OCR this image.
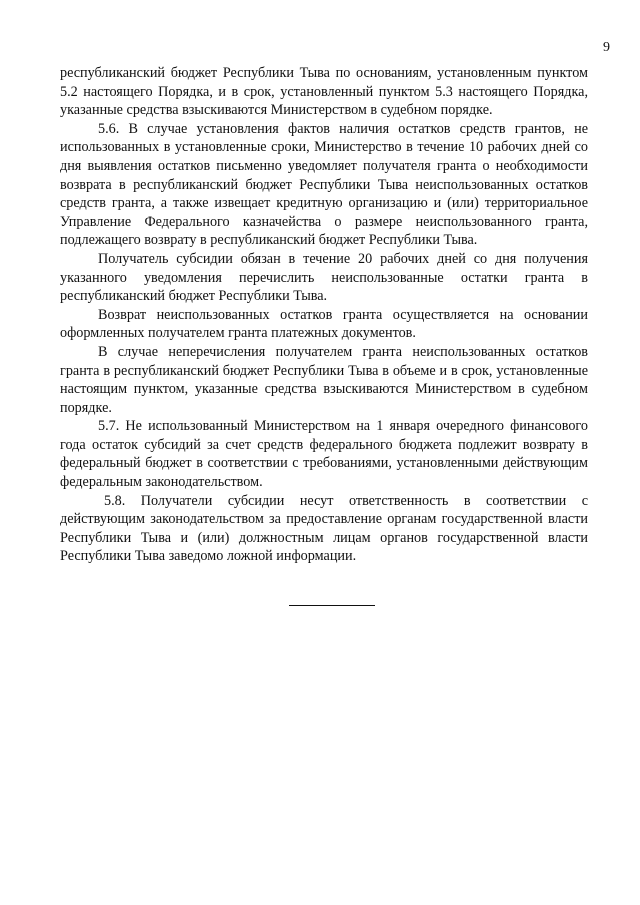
9

республиканский бюджет Республики Тыва по основаниям, установленным пунктом 5.2 настоящего Порядка, и в срок, установленный пунктом 5.3 настоящего Порядка, указанные средства взыскиваются Министерством в судебном порядке.

5.6. В случае установления фактов наличия остатков средств грантов, не использованных в установленные сроки, Министерство в течение 10 рабочих дней со дня выявления остатков письменно уведомляет получателя гранта о необходимости возврата в республиканский бюджет Республики Тыва неиспользованных остатков средств гранта, а также извещает кредитную организацию и (или) территориальное Управление Федерального казначейства о размере неиспользованного гранта, подлежащего возврату в республиканский бюджет Республики Тыва.

Получатель субсидии обязан в течение 20 рабочих дней со дня получения указанного уведомления перечислить неиспользованные остатки гранта в республиканский бюджет Республики Тыва.

Возврат неиспользованных остатков гранта осуществляется на основании оформленных получателем гранта платежных документов.

В случае неперечисления получателем гранта неиспользованных остатков гранта в республиканский бюджет Республики Тыва в объеме и в срок, установленные настоящим пунктом, указанные средства взыскиваются Министерством в судебном порядке.

5.7. Не использованный Министерством на 1 января очередного финансового года остаток субсидий за счет средств федерального бюджета подлежит возврату в федеральный бюджет в соответствии с требованиями, установленными действующим федеральным законодательством.

5.8. Получатели субсидии несут ответственность в соответствии с действующим законодательством за предоставление органам государственной власти Республики Тыва и (или) должностным лицам органов государственной власти Республики Тыва заведомо ложной информации.
